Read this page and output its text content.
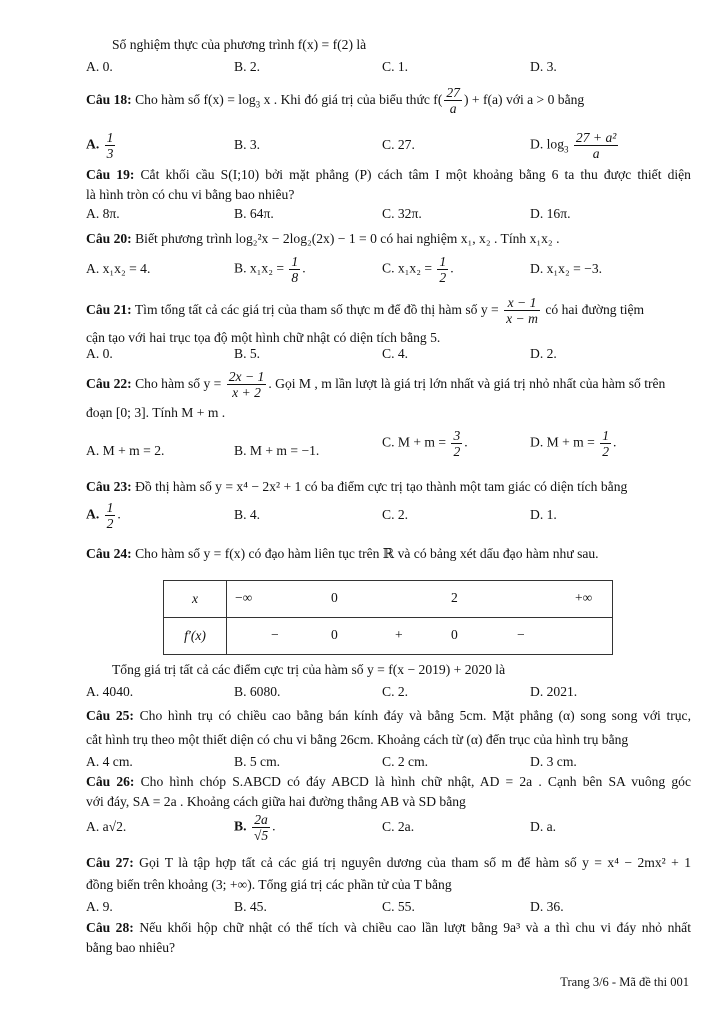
Số nghiệm thực của phương trình f(x) = f(2) là
A. 0.	B. 2.	C. 1.	D. 3.
Câu 18: Cho hàm số $f(x) = \log_3 x$ . Khi đó giá trị của biểu thức $f( \frac{27}{a}$ ) + f(a) với a > 0 bằng
A. $\frac{1}{3}$	B. 3.	C. 27.	D. $\log_3 \frac{\text{27 + a²}}{a}$
Câu 19: Cắt khối cầu S(I;10) bởi mặt phẳng (P) cách tâm I một khoảng bằng 6 ta thu được thiết diện
là hình tròn có chu vi bằng bao nhiêu?
A. 8π.	B. 64π.	C. 32π.	D. 16π.
Câu 20: Biết phương trình log₂²x − 2log₂(2x) − 1 = 0 có hai nghiệm x₁, x₂ . Tính x₁x₂ .
A. x₁x₂ = 4.	B. $x_1x_2 = \frac{1}{8}$ .	C. $x_1x_2 = \frac{1}{2}$ .	D. x₁x₂ = −3.
Câu 21: Tìm tổng tất cả các giá trị của tham số thực m để đồ thị hàm số $y = \frac{x - 1}{x - m}$ có hai đường tiệm
cận tạo với hai trục tọa độ một hình chữ nhật có diện tích bằng 5.
A. 0.	B. 5.	C. 4.	D. 2.
Câu 22: Cho hàm số $y = \frac{2x - 1}{x + 2}$ . Gọi M , m lần lượt là giá trị lớn nhất và giá trị nhỏ nhất của hàm số trên
đoạn [0; 3]. Tính M + m .
A. M + m = 2.	B. M + m = −1.
C. $M + m = \frac{3}{2}$ .	D. $M + m = \frac{1}{2}$ .
Câu 23: Đồ thị hàm số y = x⁴ − 2x² + 1 có ba điểm cực trị tạo thành một tam giác có diện tích bằng
A. $\frac{1}{2}$ .	B. 4.	C. 2.	D. 1.
Câu 24: Cho hàm số y = f(x) có đạo hàm liên tục trên ℝ và có bảng xét dấu đạo hàm như sau.
x	−∞ 0 2 +∞

f′(x)	− 0 + 0 −
Tổng giá trị tất cả các điểm cực trị của hàm số y = f(x − 2019) + 2020 là
A. 4040.	B. 6080.	C. 2.	D. 2021.
Câu 25: Cho hình trụ có chiều cao bằng bán kính đáy và bằng 5cm. Mặt phẳng (α) song song với trục,
cắt hình trụ theo một thiết diện có chu vi bằng 26cm. Khoảng cách từ (α) đến trục của hình trụ bằng
A. 4 cm.	B. 5 cm.	C. 2 cm.	D. 3 cm.
Câu 26: Cho hình chóp S.ABCD có đáy ABCD là hình chữ nhật, AD = 2a . Cạnh bên SA vuông góc
với đáy, SA = 2a . Khoảng cách giữa hai đường thẳng AB và SD bằng
A. a√2.	B. $\frac{2a}{√5}$ .	C. 2a.	D. a.
Câu 27: Gọi T là tập hợp tất cả các giá trị nguyên dương của tham số m để hàm số y = x⁴ − 2mx² + 1
đồng biến trên khoảng (3; +∞). Tổng giá trị các phần tử của T bằng
A. 9.	B. 45.	C. 55.	D. 36.
Câu 28: Nếu khối hộp chữ nhật có thể tích và chiều cao lần lượt bằng 9a³ và a thì chu vi đáy nhỏ nhất
bằng bao nhiêu?
Trang 3/6 - Mã đề thi 001
